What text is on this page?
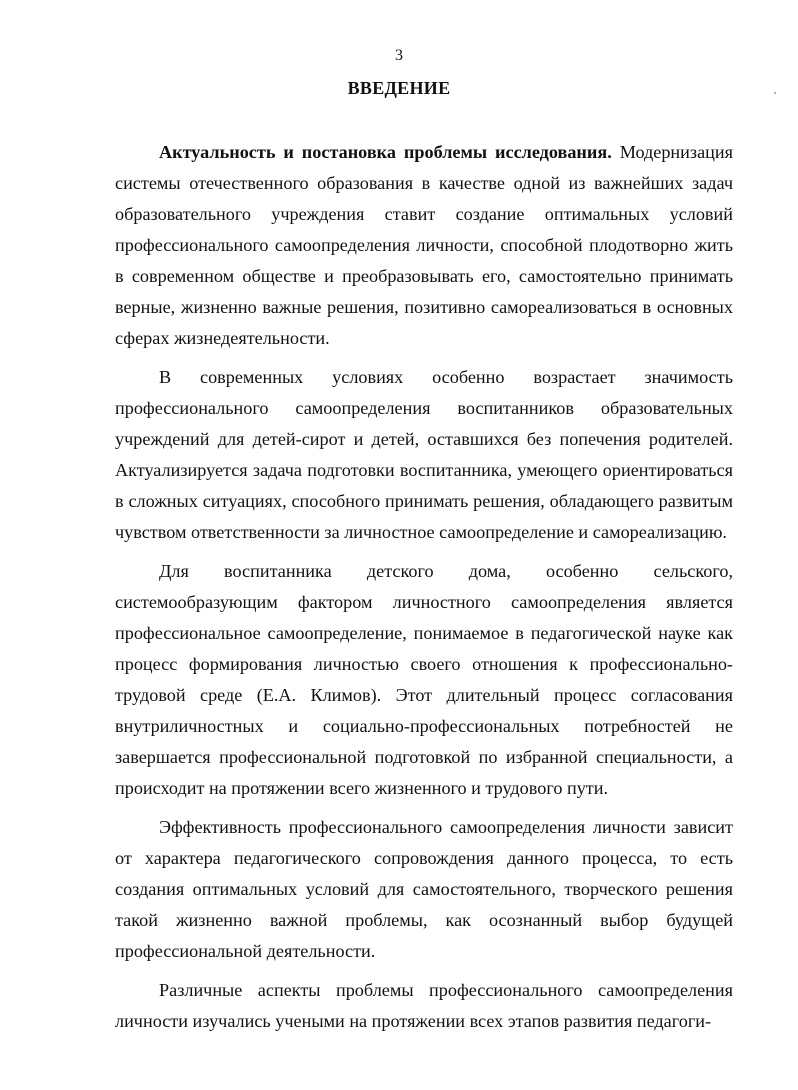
3
ВВЕДЕНИЕ

Актуальность и постановка проблемы исследования. Модернизация системы отечественного образования в качестве одной из важнейших задач образовательного учреждения ставит создание оптимальных условий профессионального самоопределения личности, способной плодотворно жить в современном обществе и преобразовывать его, самостоятельно принимать верные, жизненно важные решения, позитивно самореализоваться в основных сферах жизнедеятельности.

В современных условиях особенно возрастает значимость профессионального самоопределения воспитанников образовательных учреждений для детей-сирот и детей, оставшихся без попечения родителей. Актуализируется задача подготовки воспитанника, умеющего ориентироваться в сложных ситуациях, способного принимать решения, обладающего развитым чувством ответственности за личностное самоопределение и самореализацию.

Для воспитанника детского дома, особенно сельского, системообразующим фактором личностного самоопределения является профессиональное самоопределение, понимаемое в педагогической науке как процесс формирования личностью своего отношения к профессионально-трудовой среде (Е.А. Климов). Этот длительный процесс согласования внутриличностных и социально-профессиональных потребностей не завершается профессиональной подготовкой по избранной специальности, а происходит на протяжении всего жизненного и трудового пути.

Эффективность профессионального самоопределения личности зависит от характера педагогического сопровождения данного процесса, то есть создания оптимальных условий для самостоятельного, творческого решения такой жизненно важной проблемы, как осознанный выбор будущей профессиональной деятельности.

Различные аспекты проблемы профессионального самоопределения личности изучались учеными на протяжении всех этапов развития педагоги-
